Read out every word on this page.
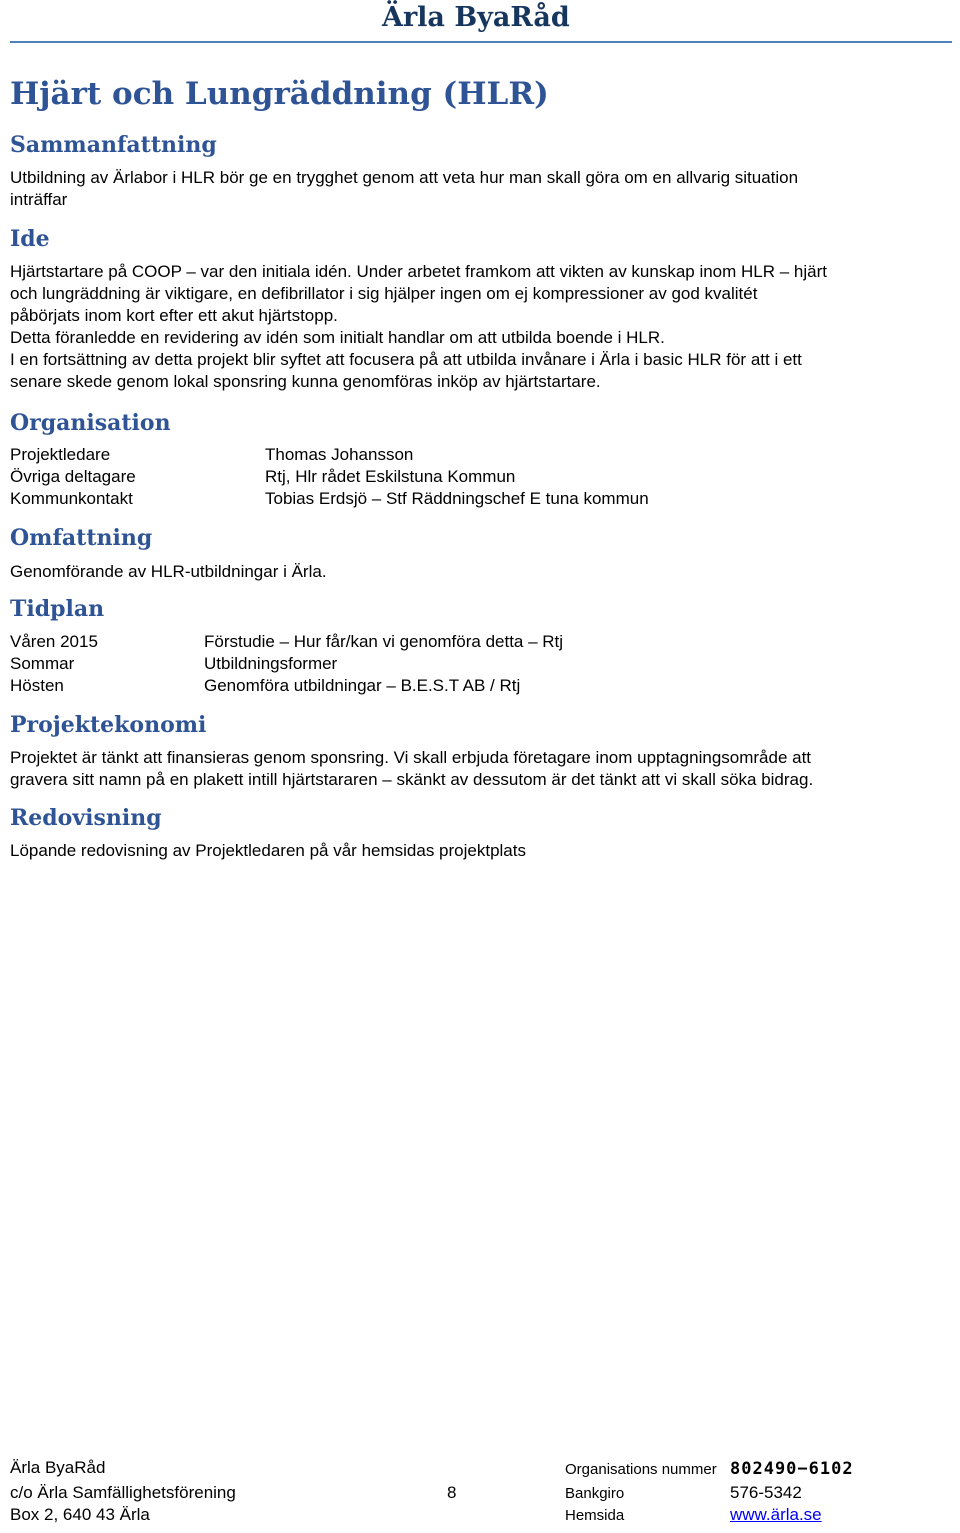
Ärla ByaRåd
Hjärt och Lungräddning (HLR)
Sammanfattning
Utbildning av Ärlabor i HLR bör ge en trygghet genom att veta hur man skall göra om en allvarig situation
inträffar
Ide
Hjärtstartare på COOP – var den initiala idén. Under arbetet framkom att vikten av kunskap inom HLR – hjärt
och lungräddning är viktigare, en defibrillator i sig hjälper ingen om ej kompressioner av god kvalitét
påbörjats inom kort efter ett akut hjärtstopp.
Detta föranledde en revidering av idén som initialt handlar om att utbilda boende i HLR.
I en fortsättning av detta projekt blir syftet att focusera på att utbilda invånare i Ärla i basic HLR för att i ett
senare skede genom lokal sponsring kunna genomföras inköp av hjärtstartare.
Organisation
Projektledare	Thomas Johansson
Övriga deltagare	Rtj, Hlr rådet Eskilstuna Kommun
Kommunkontakt	Tobias Erdsjö – Stf Räddningschef E tuna kommun
Omfattning
Genomförande av HLR-utbildningar i Ärla.
Tidplan
Våren 2015	Förstudie – Hur får/kan vi genomföra detta – Rtj
Sommar	Utbildningsformer
Hösten	Genomföra utbildningar – B.E.S.T AB / Rtj
Projektekonomi
Projektet är tänkt att finansieras genom sponsring. Vi skall erbjuda företagare inom upptagningsområde att
gravera sitt namn på en plakett intill hjärtstararen – skänkt av dessutom är det tänkt att vi skall söka bidrag.
Redovisning
Löpande redovisning av Projektledaren på vår hemsidas projektplats
Ärla ByaRåd
c/o Ärla Samfällighetsförening
Box 2, 640 43 Ärla
8
Organisations nummer 802490−6102
Bankgiro	576-5342
Hemsida	www.ärla.se
